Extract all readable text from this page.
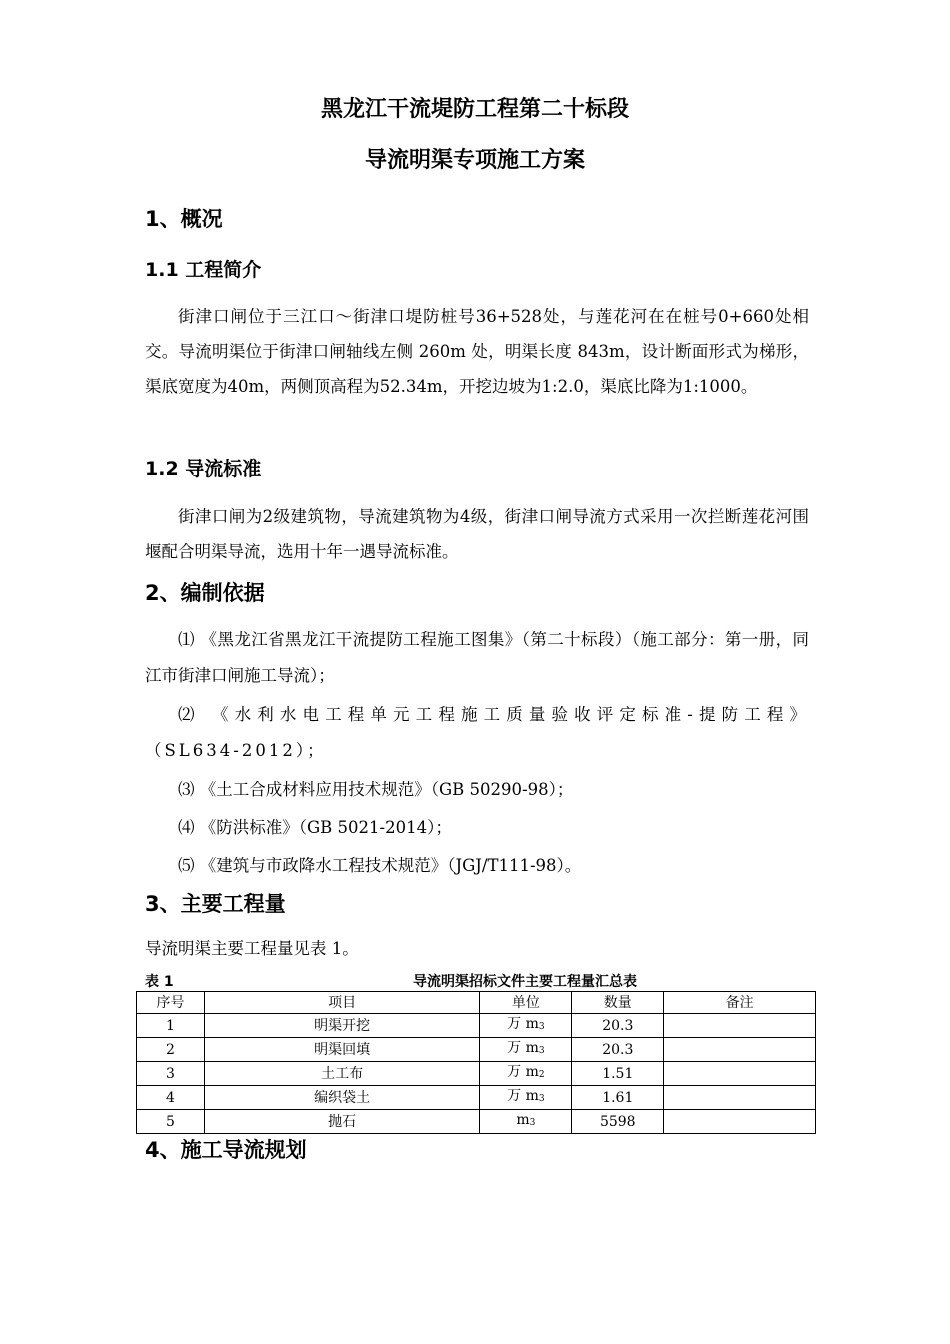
黑龙江干流堤防工程第二十标段
导流明渠专项施工方案
1、概况
1.1 工程简介
街津口闸位于三江口～街津口堤防桩号36+528处，与莲花河在在桩号0+660处相交。导流明渠位于街津口闸轴线左侧 260m 处，明渠长度 843m，设计断面形式为梯形，渠底宽度为40m，两侧顶高程为52.34m，开挖边坡为1:2.0，渠底比降为1:1000。
1.2 导流标准
街津口闸为2级建筑物，导流建筑物为4级，街津口闸导流方式采用一次拦断莲花河围堰配合明渠导流，选用十年一遇导流标准。
2、编制依据
⑴ 《黑龙江省黑龙江干流提防工程施工图集》（第二十标段）（施工部分：第一册，同江市街津口闸施工导流）；
⑵ 《水利水电工程单元工程施工质量验收评定标准-提防工程》（SL634-2012）；
⑶ 《土工合成材料应用技术规范》（GB 50290-98）；
⑷ 《防洪标准》（GB 5021-2014）；
⑸ 《建筑与市政降水工程技术规范》（JGJ/T111-98）。
3、主要工程量
导流明渠主要工程量见表 1。
表 1	导流明渠招标文件主要工程量汇总表
序号	项目	单位	数量	备注
1	明渠开挖	万 $m^3$	20.3	
2	明渠回填	万 $m^3$	20.3	
3	土工布	万 $m^2$	1.51	
4	编织袋土	万 $m^3$	1.61	
5	抛石	$m^3$	5598	
4、施工导流规划
